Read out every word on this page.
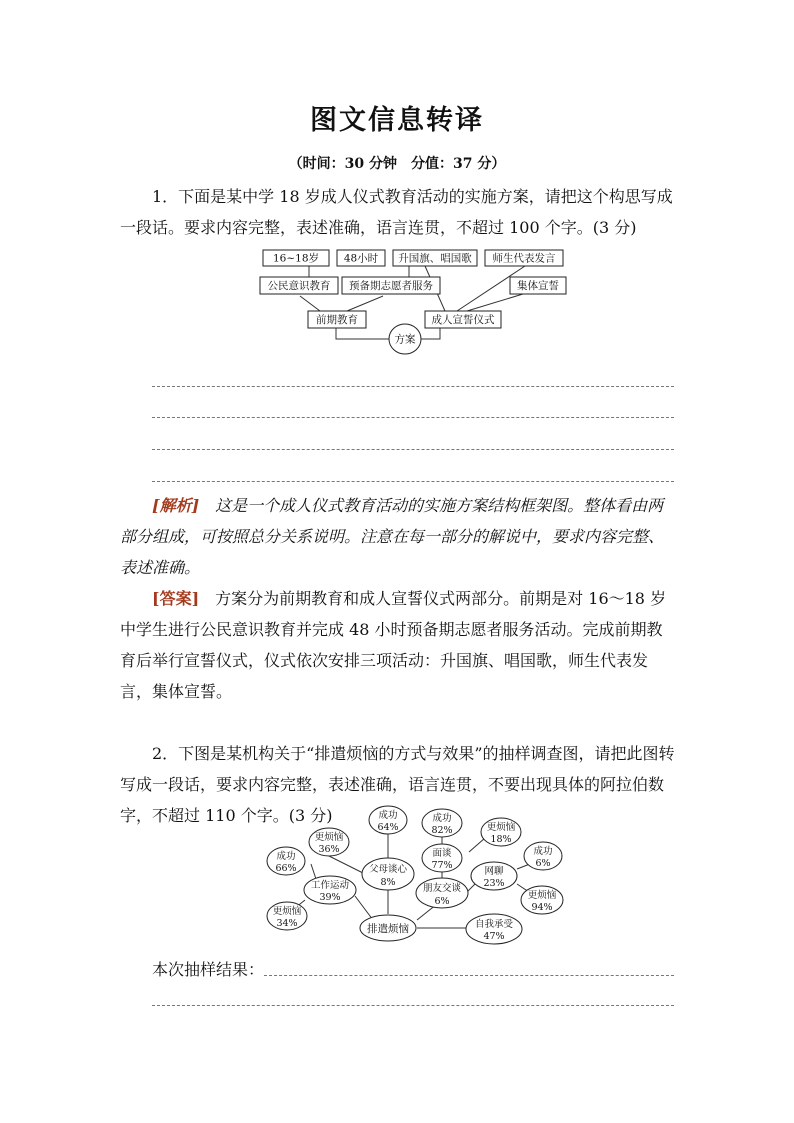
图文信息转译
（时间：30 分钟　分值：37 分）

1．下面是某中学 18 岁成人仪式教育活动的实施方案，请把这个构思写成一段话。要求内容完整，表述准确，语言连贯，不超过 100 个字。(3 分)

16~18岁 48小时 升国旗、唱国歌 师生代表发言
公民意识教育 预备期志愿者服务	集体宣誓
前期教育	成人宣誓仪式
方案

[解析]　 这是一个成人仪式教育活动的实施方案结构框架图。整体看由两部分组成，可按照总分关系说明。注意在每一部分的解说中，要求内容完整、表述准确。

[答案]　 方案分为前期教育和成人宣誓仪式两部分。前期是对 16～18 岁中学生进行公民意识教育并完成 48 小时预备期志愿者服务活动。完成前期教育后举行宣誓仪式，仪式依次安排三项活动：升国旗、唱国歌，师生代表发言，集体宣誓。

2．下图是某机构关于“排遣烦恼的方式与效果”的抽样调查图，请把此图转写成一段话，要求内容完整，表述准确，语言连贯，不要出现具体的阿拉伯数字，不超过 110 个字。(3 分)

排遣烦恼
父母谈心
8%
成功
64%
更烦恼
36%
工作运动
39%
成功
66%
更烦恼
34%
朋友交谈
6%
面谈
77%
成功
82%	更烦恼
18%
网聊
23%
成功
6%
更烦恼
94%
自我承受
47%
本次抽样结果：
